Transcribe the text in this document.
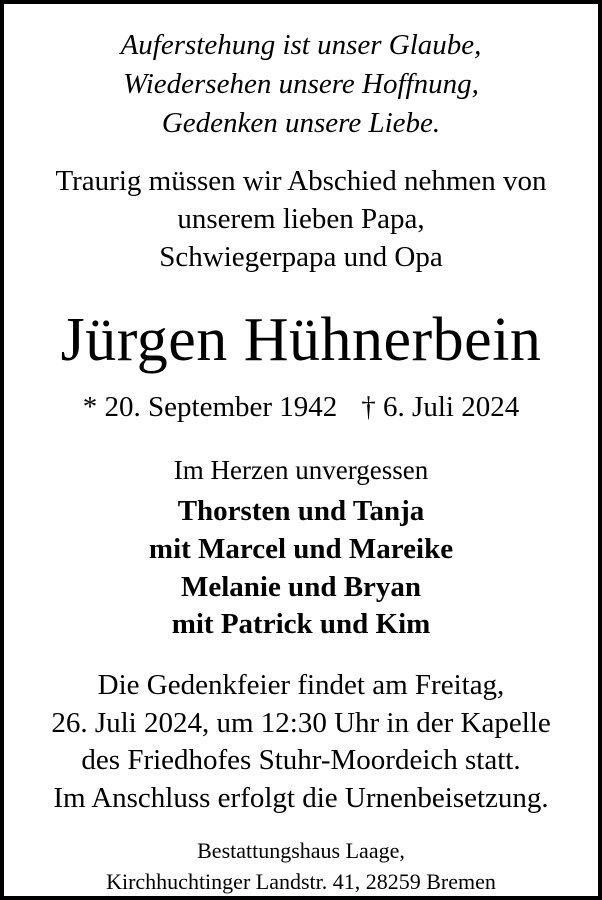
Auferstehung ist unser Glaube,
Wiedersehen unsere Hoffnung,
Gedenken unsere Liebe.
Traurig müssen wir Abschied nehmen von
unserem lieben Papa,
Schwiegerpapa und Opa
Jürgen Hühnerbein
* 20. September 1942 † 6. Juli 2024
Im Herzen unvergessen
Thorsten und Tanja
mit Marcel und Mareike
Melanie und Bryan
mit Patrick und Kim
Die Gedenkfeier findet am Freitag,
26. Juli 2024, um 12:30 Uhr in der Kapelle
des Friedhofes Stuhr-Moordeich statt.
Im Anschluss erfolgt die Urnenbeisetzung.
Bestattungshaus Laage,
Kirchhuchtinger Landstr. 41, 28259 Bremen
